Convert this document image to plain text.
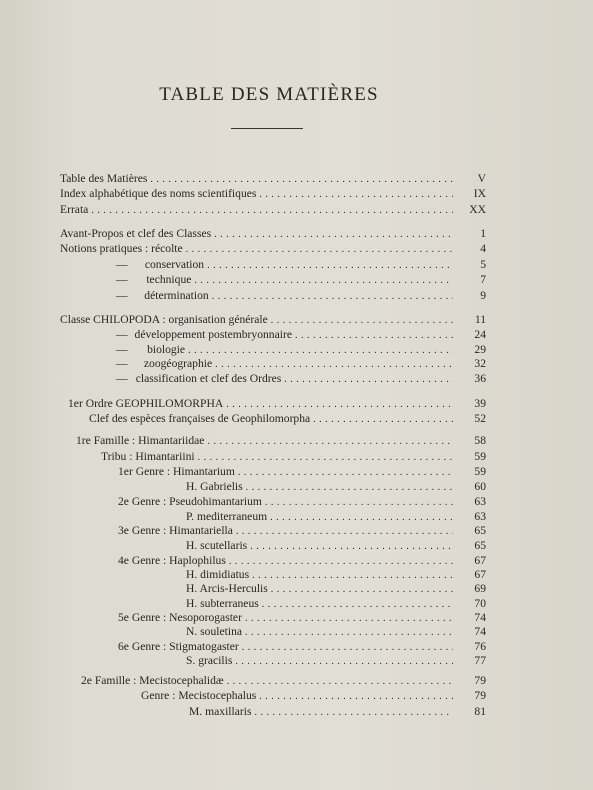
TABLE DES MATIÈRES
Table des Matières . . .	V
Index alphabétique des noms scientifiques . . .	IX
Errata . . .	XX
Avant-Propos et clef des Classes . . .	1
Notions pratiques : récolte . . .	4
—	conservation . . .	5
—	technique . . .	7
—	détermination . . .	9
Classe CHILOPODA : organisation générale . . .	11
— développement postembryonnaire . . .	24
—	biologie . . .	29
—	zoogéographie . . .	32
— classification et clef des Ordres . . .	36
1er Ordre GEOPHILOMORPHA . . .	39
Clef des espèces françaises de Geophilomorpha . . .	52
1re Famille : Himantariidae . . .	58
Tribu : Himantariini . . .	59
1er Genre : Himantarium . . .	59
H. Gabrielis . . .	60
2e Genre : Pseudohimantarium . . .	63
P. mediterraneum . . .	63
3e Genre : Himantariella . . .	65
H. scutellaris . . .	65
4e Genre : Haplophilus . . .	67
H. dimidiatus . . .	67
H. Arcis-Herculis . . .	69
H. subterraneus . . .	70
5e Genre : Nesoporogaster . . .	74
N. souletina . . .	74
6e Genre : Stigmatogaster . . .	76
S. gracilis . . .	77
2e Famille : Mecistocephalidæ . . .	79
Genre : Mecistocephalus . . .	79
M. maxillaris . . .	81
